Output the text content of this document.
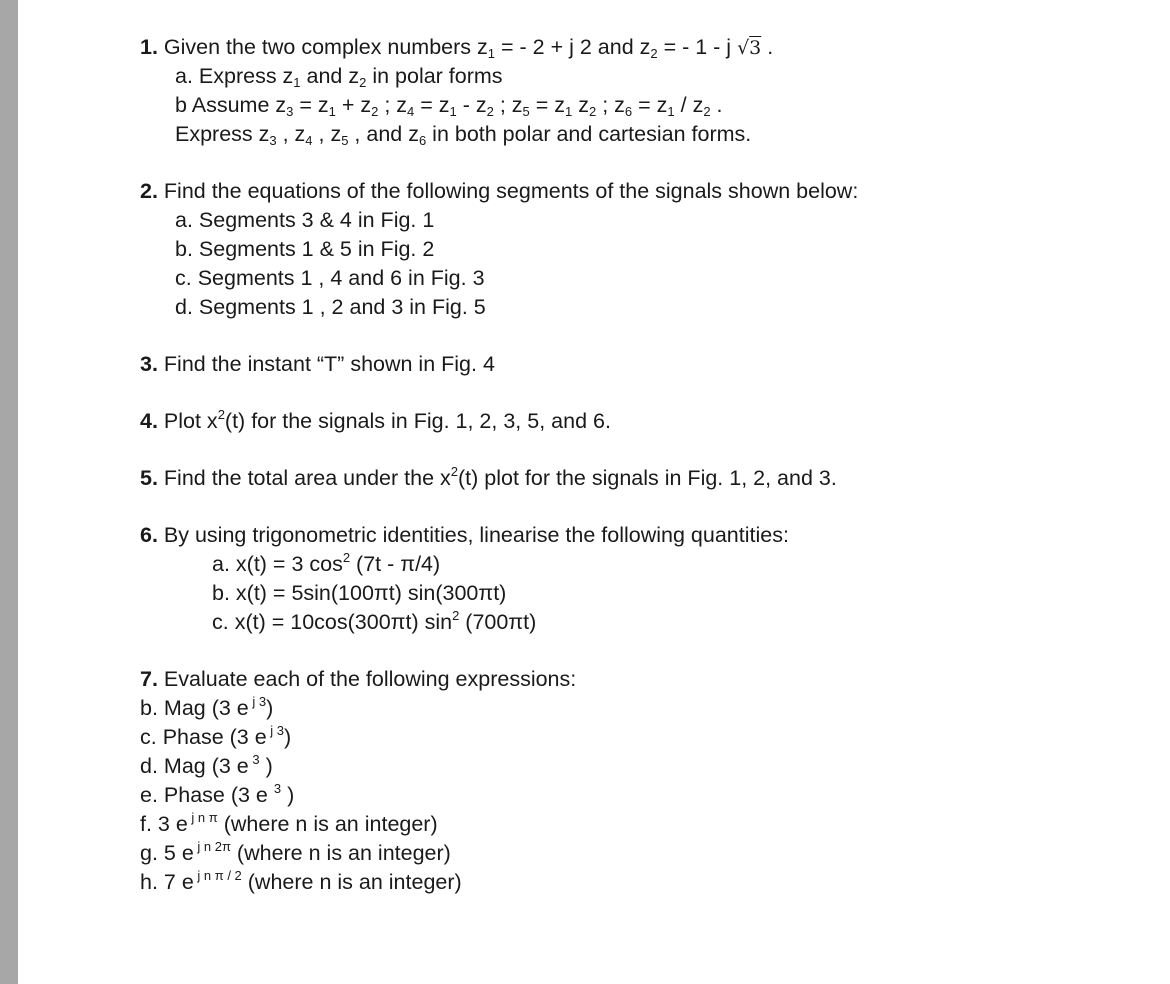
1. Given the two complex numbers $z_1$ = - 2 + j 2 and $z_2$ = - 1 - j √3 .
a. Express $z_1$ and $z_2$ in polar forms
b Assume $z_3 = z_1 + z_2$ ; $z_4 = z_1 - z_2$ ; $z_5 = z_1$ $z_2$ ; $z_6 = z_1 / z_2$ .
Express $z_3$ , $z_4$ , $z_5$ , and $z_6$ in both polar and cartesian forms.
2. Find the equations of the following segments of the signals shown below:
a. Segments 3 & 4 in Fig. 1
b. Segments 1 & 5 in Fig. 2
c. Segments 1 , 4 and 6 in Fig. 3
d. Segments 1 , 2 and 3 in Fig. 5
3. Find the instant “T” shown in Fig. 4
4. Plot $x^2(t)$ for the signals in Fig. 1, 2, 3, 5, and 6.
5. Find the total area under the $x^2(t)$ plot for the signals in Fig. 1, 2, and 3.
6. By using trigonometric identities, linearise the following quantities:
a. x(t) = 3 $\cos^2 (7t - \pi/4)$
b. x(t) = 5sin(100πt) sin(300πt)
c. x(t) = 10cos(300πt) $\sin^2 (700\pi t)$
7. Evaluate each of the following expressions:
b. Mag (3 e $^{j 3}$)
c. Phase (3 e $^{j 3}$)
d. Mag (3 e $^3$ )
e. Phase (3 e $^3$ )
f. 3 e $^{j n \pi}$ (where n is an integer)
g. 5 e $^{j n 2\pi}$ (where n is an integer)
h. 7 e $^{j n \pi / 2}$ (where n is an integer)
